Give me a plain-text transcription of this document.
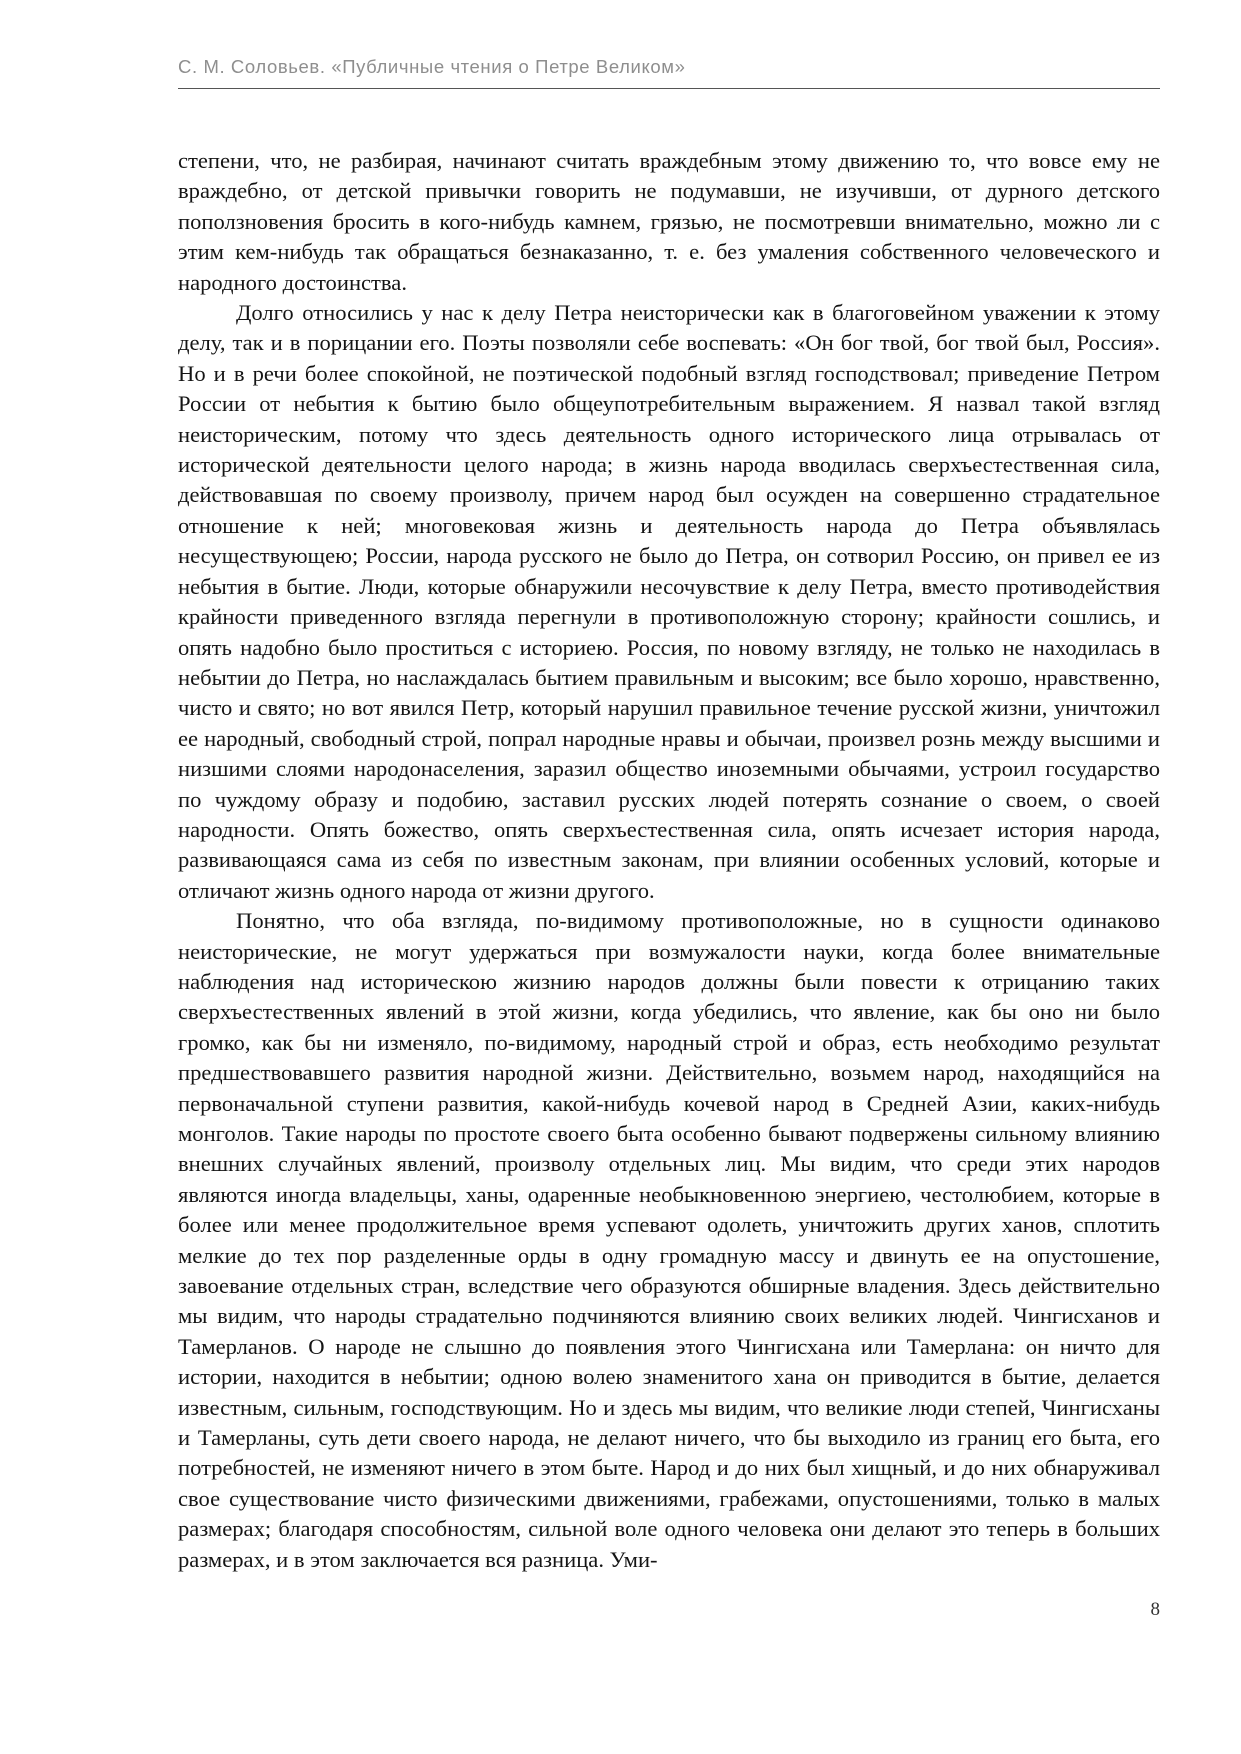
С. М. Соловьев. «Публичные чтения о Петре Великом»

степени, что, не разбирая, начинают считать враждебным этому движению то, что вовсе ему не враждебно, от детской привычки говорить не подумавши, не изучивши, от дурного детского поползновения бросить в кого-нибудь камнем, грязью, не посмотревши внимательно, можно ли с этим кем-нибудь так обращаться безнаказанно, т. е. без умаления собственного человеческого и народного достоинства.

Долго относились у нас к делу Петра неисторически как в благоговейном уважении к этому делу, так и в порицании его. Поэты позволяли себе воспевать: «Он бог твой, бог твой был, Россия». Но и в речи более спокойной, не поэтической подобный взгляд господствовал; приведение Петром России от небытия к бытию было общеупотребительным выражением. Я назвал такой взгляд неисторическим, потому что здесь деятельность одного исторического лица отрывалась от исторической деятельности целого народа; в жизнь народа вводилась сверхъестественная сила, действовавшая по своему произволу, причем народ был осужден на совершенно страдательное отношение к ней; многовековая жизнь и деятельность народа до Петра объявлялась несуществующею; России, народа русского не было до Петра, он сотворил Россию, он привел ее из небытия в бытие. Люди, которые обнаружили несочувствие к делу Петра, вместо противодействия крайности приведенного взгляда перегнули в противоположную сторону; крайности сошлись, и опять надобно было проститься с историею. Россия, по новому взгляду, не только не находилась в небытии до Петра, но наслаждалась бытием правильным и высоким; все было хорошо, нравственно, чисто и свято; но вот явился Петр, который нарушил правильное течение русской жизни, уничтожил ее народный, свободный строй, попрал народные нравы и обычаи, произвел рознь между высшими и низшими слоями народонаселения, заразил общество иноземными обычаями, устроил государство по чуждому образу и подобию, заставил русских людей потерять сознание о своем, о своей народности. Опять божество, опять сверхъестественная сила, опять исчезает история народа, развивающаяся сама из себя по известным законам, при влиянии особенных условий, которые и отличают жизнь одного народа от жизни другого.

Понятно, что оба взгляда, по-видимому противоположные, но в сущности одинаково неисторические, не могут удержаться при возмужалости науки, когда более внимательные наблюдения над историческою жизнию народов должны были повести к отрицанию таких сверхъестественных явлений в этой жизни, когда убедились, что явление, как бы оно ни было громко, как бы ни изменяло, по-видимому, народный строй и образ, есть необходимо результат предшествовавшего развития народной жизни. Действительно, возьмем народ, находящийся на первоначальной ступени развития, какой-нибудь кочевой народ в Средней Азии, каких-нибудь монголов. Такие народы по простоте своего быта особенно бывают подвержены сильному влиянию внешних случайных явлений, произволу отдельных лиц. Мы видим, что среди этих народов являются иногда владельцы, ханы, одаренные необыкновенною энергиею, честолюбием, которые в более или менее продолжительное время успевают одолеть, уничтожить других ханов, сплотить мелкие до тех пор разделенные орды в одну громадную массу и двинуть ее на опустошение, завоевание отдельных стран, вследствие чего образуются обширные владения. Здесь действительно мы видим, что народы страдательно подчиняются влиянию своих великих людей. Чингисханов и Тамерланов. О народе не слышно до появления этого Чингисхана или Тамерлана: он ничто для истории, находится в небытии; одною волею знаменитого хана он приводится в бытие, делается известным, сильным, господствующим. Но и здесь мы видим, что великие люди степей, Чингисханы и Тамерланы, суть дети своего народа, не делают ничего, что бы выходило из границ его быта, его потребностей, не изменяют ничего в этом быте. Народ и до них был хищный, и до них обнаруживал свое существование чисто физическими движениями, грабежами, опустошениями, только в малых размерах; благодаря способностям, сильной воле одного человека они делают это теперь в больших размерах, и в этом заключается вся разница. Уми-

8
